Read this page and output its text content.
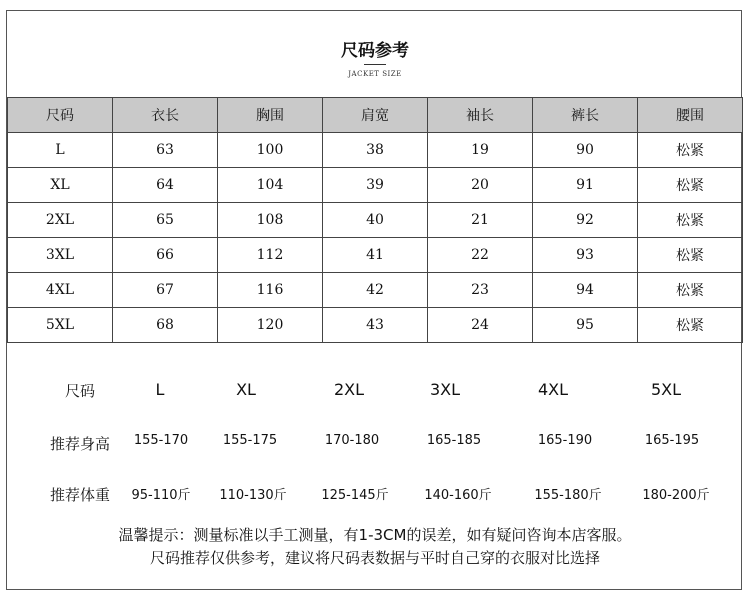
尺码参考
JACKET SIZE
尺码	衣长	胸围	肩宽	袖长	裤长	腰围
L	63	100	38	19	90	松紧
XL	64	104	39	20	91	松紧
2XL	65	108	40	21	92	松紧
3XL	66	112	41	22	93	松紧
4XL	67	116	42	23	94	松紧
5XL	68	120	43	24	95	松紧
尺码	L	XL	2XL	3XL	4XL	5XL
推荐身高 155-170	155-175	170-180	165-185	165-190	165-195
推荐体重 95-110斤 110-130斤	125-145斤	140-160斤	155-180斤	180-200斤
温馨提示：测量标准以手工测量，有1-3CM的误差，如有疑问咨询本店客服。
尺码推荐仅供参考，建议将尺码表数据与平时自己穿的衣服对比选择
